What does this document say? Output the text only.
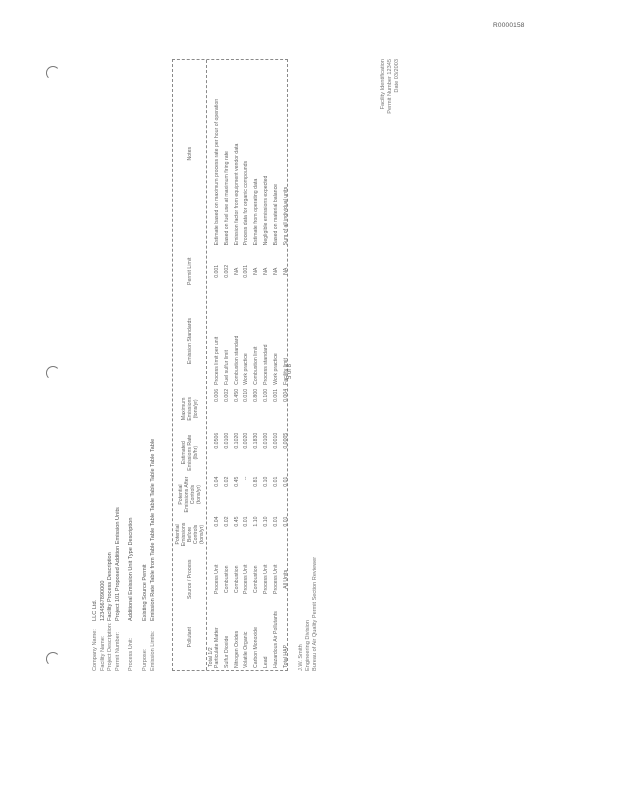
R0000158
Company Name:
LLC Ltd.
Facility Name:
1234567890000
Project Description:
Facility Process Description
Permit Number:
Project 101 Proposed Addition Emission Units
Process Unit:
Additional Emission Unit Type Description
Purpose:
Existing Source Permit
Emission Limits:
Emission Rate Table from Table Table Table Table Table Table Table Table
Pollutant
Source / Process
Potential Emissions Before Controls (tons/yr)
Potential Emissions After Controls (tons/yr)
Estimated Emissions Rate (lb/hr)
Maximum Emissions (tons/yr)
Emission Standards
Permit Limit
Notes
Total 1/2 Particulate Matter
Process Unit
0.04
0.04
0.0506
0.006
Process limit per unit
0.001
Estimate based on maximum process rate per hour of operation
Sulfur Dioxide
Combustion
0.02
0.02
0.0100
0.002
Fuel sulfur limit
0.002
Based on fuel use at maximum firing rate
Nitrogen Oxides
Combustion
0.45
0.45
0.1020
0.450
Combustion standard
NA
Emission factor from equipment vendor data
Volatile Organic
Process Unit
0.01
--
0.0020
0.010
Work practice
0.001
Process data for organic compounds
Carbon Monoxide
Combustion
1.10
0.81
0.1830
0.800
Combustion limit
NA
Estimate from operating data
Lead
Process Unit
0.10
0.10
0.0100
0.100
Process standard
NA
Negligible emissions expected
Hazardous Air Pollutants
Process Unit
0.01
0.01
0.0010
0.001
Work practice
NA
Based on material balance
Total HAP
All Units
0.01
0.01
0.0005
0.004
Facility limit
NA
Sum of all individual units
5 of 8
J.W. Smith Engineering Division Bureau of Air Quality Permit Section Reviewer
Facility Identification Permit Number 12345 Date 03/2003
